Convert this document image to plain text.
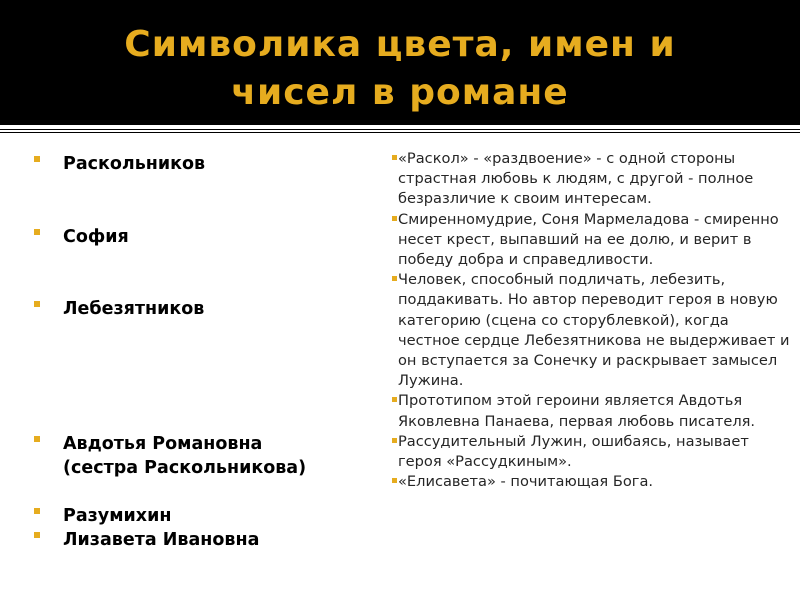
Символика цвета, имен и
чисел в романе
Раскольников
София
Лебезятников
Авдотья Романовна
(сестра Раскольникова)
Разумихин
Лизавета Ивановна
«Раскол» - «раздвоение» - с одной стороны страстная любовь к людям, с другой - полное безразличие к своим интересам.
Смиренномудрие, Соня Мармеладова - смиренно несет крест, выпавший на ее долю, и верит в победу добра и справедливости.
Человек, способный подличать, лебезить, поддакивать. Но автор переводит героя в новую категорию (сцена со сторублевкой), когда честное сердце Лебезятникова не выдерживает и он вступается за Сонечку и раскрывает замысел Лужина.
Прототипом этой героини является Авдотья Яковлевна Панаева, первая любовь писателя.
Рассудительный Лужин, ошибаясь, называет героя «Рассудкиным».
«Елисавета» - почитающая Бога.
